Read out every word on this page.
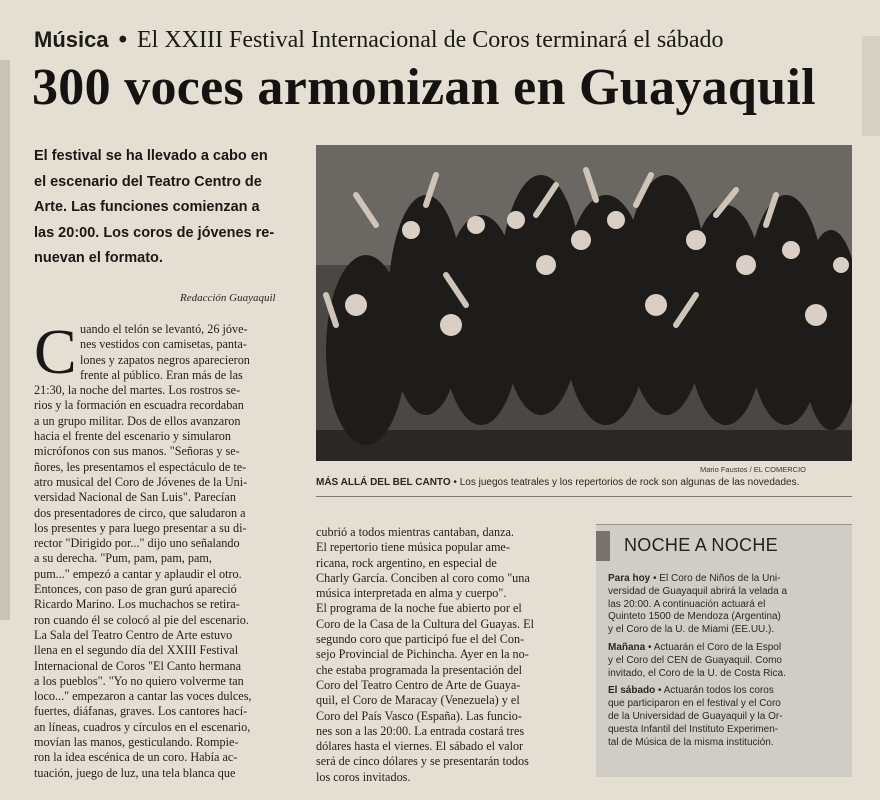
Música • El XXIII Festival Internacional de Coros terminará el sábado
300 voces armonizan en Guayaquil
El festival se ha llevado a cabo en
el escenario del Teatro Centro de
Arte. Las funciones comienzan a
las 20:00. Los coros de jóvenes re-
nuevan el formato.
Redacción Guayaquil
C uando el telón se levantó, 26 jóve-
nes vestidos con camisetas, panta-
lones y zapatos negros aparecieron
frente al público. Eran más de las
21:30, la noche del martes. Los rostros se-
rios y la formación en escuadra recordaban
a un grupo militar. Dos de ellos avanzaron
hacia el frente del escenario y simularon
micrófonos con sus manos. "Señoras y se-
ñores, les presentamos el espectáculo de te-
atro musical del Coro de Jóvenes de la Uni-
versidad Nacional de San Luis". Parecían
dos presentadores de circo, que saludaron a
los presentes y para luego presentar a su di-
rector "Dirigido por..." dijo uno señalando
a su derecha. "Pum, pam, pam, pam,
pum..." empezó a cantar y aplaudir el otro.
Entonces, con paso de gran gurú apareció
Ricardo Marino. Los muchachos se retira-
ron cuando él se colocó al pie del escenario.
La Sala del Teatro Centro de Arte estuvo
llena en el segundo día del XXIII Festival
Internacional de Coros "El Canto hermana
a los pueblos". "Yo no quiero volverme tan
loco..." empezaron a cantar las voces dulces,
fuertes, diáfanas, graves. Los cantores hací-
an líneas, cuadros y círculos en el escenario,
movían las manos, gesticulando. Rompie-
ron la idea escénica de un coro. Había ac-
tuación, juego de luz, una tela blanca que
cubrió a todos mientras cantaban, danza.
El repertorio tiene música popular ame-
ricana, rock argentino, en especial de
Charly García. Conciben al coro como "una
música interpretada en alma y cuerpo".
El programa de la noche fue abierto por el
Coro de la Casa de la Cultura del Guayas. El
segundo coro que participó fue el del Con-
sejo Provincial de Pichincha. Ayer en la no-
che estaba programada la presentación del
Coro del Teatro Centro de Arte de Guaya-
quil, el Coro de Maracay (Venezuela) y el
Coro del País Vasco (España). Las funcio-
nes son a las 20:00. La entrada costará tres
dólares hasta el viernes. El sábado el valor
será de cinco dólares y se presentarán todos
los coros invitados.
Mario Faustos / EL COMERCIO
MÁS ALLÁ DEL BEL CANTO • Los juegos teatrales y los repertorios de rock son algunas de las novedades.
NOCHE A NOCHE
Para hoy • El Coro de Niños de la Uni-
versidad de Guayaquil abrirá la velada a
las 20:00. A continuación actuará el
Quinteto 1500 de Mendoza (Argentina)
y el Coro de la U. de Miami (EE.UU.).
Mañana • Actuarán el Coro de la Espol
y el Coro del CEN de Guayaquil. Como
invitado, el Coro de la U. de Costa Rica.
El sábado • Actuarán todos los coros
que participaron en el festival y el Coro
de la Universidad de Guayaquil y la Or-
questa Infantil del Instituto Experimen-
tal de Música de la misma institución.
